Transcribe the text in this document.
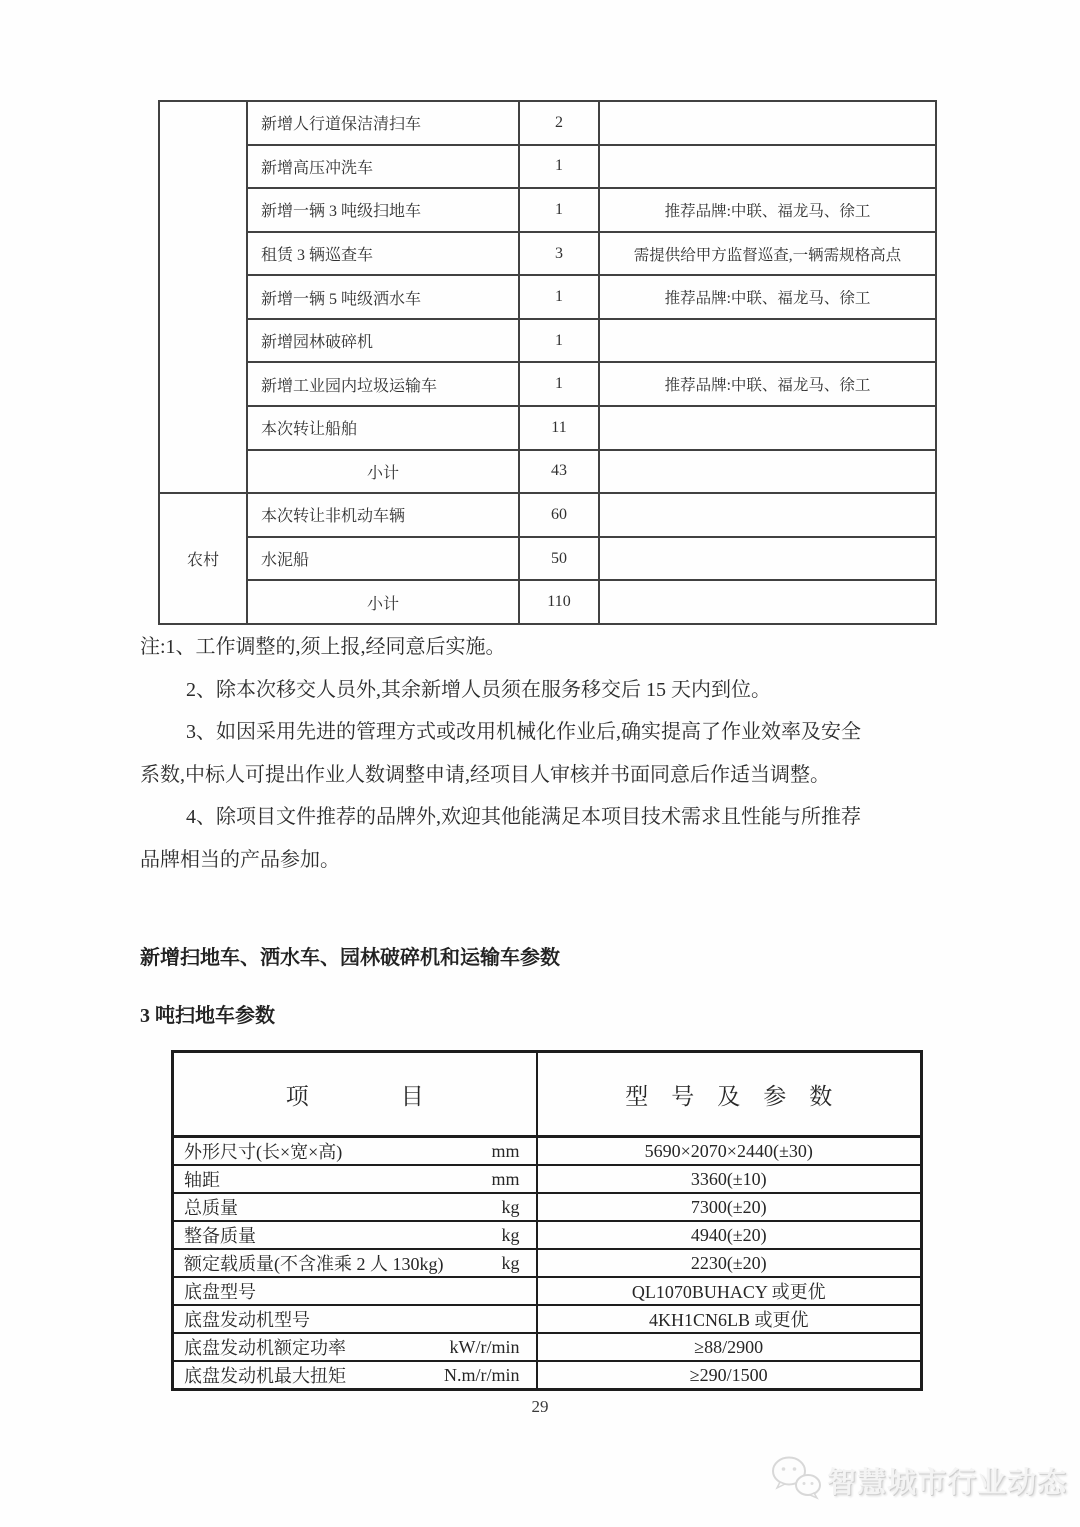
	新增人行道保洁清扫车	2	
	新增高压冲洗车	1	
	新增一辆 3 吨级扫地车	1	推荐品牌:中联、福龙马、徐工
	租赁 3 辆巡查车	3	需提供给甲方监督巡查,一辆需规格高点
	新增一辆 5 吨级洒水车	1	推荐品牌:中联、福龙马、徐工
	新增园林破碎机	1	
	新增工业园内垃圾运输车	1	推荐品牌:中联、福龙马、徐工
	本次转让船舶	11	
	小计	43	
农村	本次转让非机动车辆	60	
	水泥船	50	
	小计	110	
注:1、工作调整的,须上报,经同意后实施。
2、除本次移交人员外,其余新增人员须在服务移交后 15 天内到位。
3、如因采用先进的管理方式或改用机械化作业后,确实提高了作业效率及安全
系数,中标人可提出作业人数调整申请,经项目人审核并书面同意后作适当调整。
4、除项目文件推荐的品牌外,欢迎其他能满足本项目技术需求且性能与所推荐
品牌相当的产品参加。
新增扫地车、洒水车、园林破碎机和运输车参数
3 吨扫地车参数
项　　　　目	型　号　及　参　数

外形尺寸(长×宽×高) mm	5690×2070×2440(±30)

轴距 mm	3360(±10)

总质量 kg	7300(±20)

整备质量 kg	4940(±20)

额定载质量(不含准乘 2 人 130kg) kg	2230(±20)

底盘型号	QL1070BUHACY 或更优

底盘发动机型号	4KH1CN6LB 或更优

底盘发动机额定功率 kW/r/min	≥88/2900

底盘发动机最大扭矩 N.m/r/min	≥290/1500
29
智慧城市行业动态
